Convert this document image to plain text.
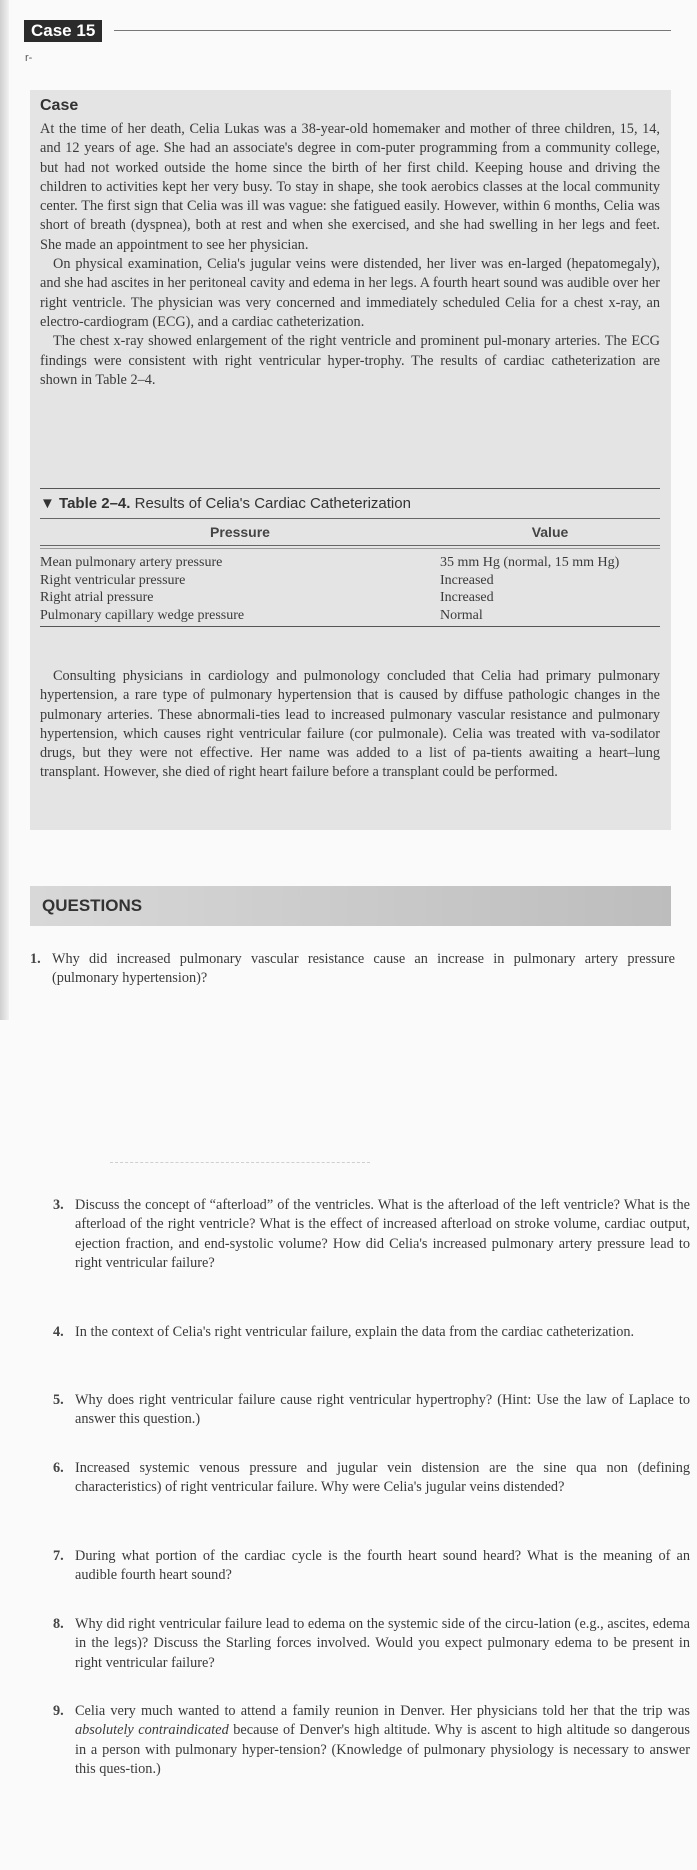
Case 15
r-
Case

At the time of her death, Celia Lukas was a 38-year-old homemaker and mother of three children, 15, 14, and 12 years of age. She had an associate's degree in com-puter programming from a community college, but had not worked outside the home since the birth of her first child. Keeping house and driving the children to activities kept her very busy. To stay in shape, she took aerobics classes at the local community center. The first sign that Celia was ill was vague: she fatigued easily. However, within 6 months, Celia was short of breath (dyspnea), both at rest and when she exercised, and she had swelling in her legs and feet. She made an appointment to see her physician.

On physical examination, Celia's jugular veins were distended, her liver was en-larged (hepatomegaly), and she had ascites in her peritoneal cavity and edema in her legs. A fourth heart sound was audible over her right ventricle. The physician was very concerned and immediately scheduled Celia for a chest x-ray, an electro-cardiogram (ECG), and a cardiac catheterization.

The chest x-ray showed enlargement of the right ventricle and prominent pul-monary arteries. The ECG findings were consistent with right ventricular hyper-trophy. The results of cardiac catheterization are shown in Table 2–4.

▼ Table 2–4. Results of Celia's Cardiac Catheterization
Pressure	Value
Mean pulmonary artery pressure	35 mm Hg (normal, 15 mm Hg)
Right ventricular pressure	Increased
Right atrial pressure	Increased
Pulmonary capillary wedge pressure	Normal

Consulting physicians in cardiology and pulmonology concluded that Celia had primary pulmonary hypertension, a rare type of pulmonary hypertension that is caused by diffuse pathologic changes in the pulmonary arteries. These abnormali-ties lead to increased pulmonary vascular resistance and pulmonary hypertension, which causes right ventricular failure (cor pulmonale). Celia was treated with va-sodilator drugs, but they were not effective. Her name was added to a list of pa-tients awaiting a heart–lung transplant. However, she died of right heart failure before a transplant could be performed.

QUESTIONS
1. Why did increased pulmonary vascular resistance cause an increase in pulmonary artery pressure (pulmonary hypertension)?
3. Discuss the concept of “afterload” of the ventricles. What is the afterload of the left ventricle? What is the afterload of the right ventricle? What is the effect of increased afterload on stroke volume, cardiac output, ejection fraction, and end-systolic volume? How did Celia's increased pulmonary artery pressure lead to right ventricular failure?
4. In the context of Celia's right ventricular failure, explain the data from the cardiac catheterization.
5. Why does right ventricular failure cause right ventricular hypertrophy? (Hint: Use the law of Laplace to answer this question.)
6. Increased systemic venous pressure and jugular vein distension are the sine qua non (defining characteristics) of right ventricular failure. Why were Celia's jugular veins distended?
7. During what portion of the cardiac cycle is the fourth heart sound heard? What is the meaning of an audible fourth heart sound?
8. Why did right ventricular failure lead to edema on the systemic side of the circu-lation (e.g., ascites, edema in the legs)? Discuss the Starling forces involved. Would you expect pulmonary edema to be present in right ventricular failure?
9. Celia very much wanted to attend a family reunion in Denver. Her physicians told her that the trip was absolutely contraindicated because of Denver's high altitude. Why is ascent to high altitude so dangerous in a person with pulmonary hyper-tension? (Knowledge of pulmonary physiology is necessary to answer this ques-tion.)
